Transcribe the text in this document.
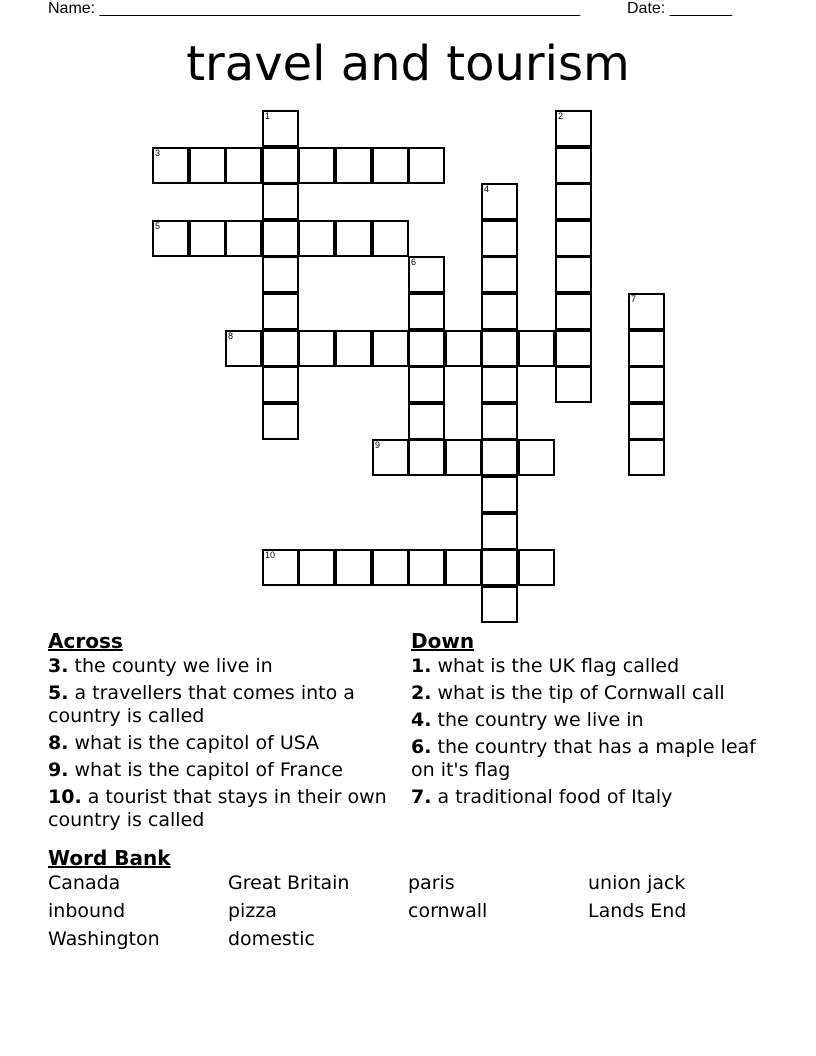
Name: ______________________________________________________	Date: _______
travel and tourism
1	2
3
4
5
6
7
8
9
10
Across
3. the county we live in
5. a travellers that comes into a country is called
8. what is the capitol of USA
9. what is the capitol of France
10. a tourist that stays in their own country is called
Down
1. what is the UK flag called
2. what is the tip of Cornwall call
4. the country we live in
6. the country that has a maple leaf on it's flag
7. a traditional food of Italy
Word Bank
Canada	Great Britain	paris	union jack
inbound	pizza	cornwall	Lands End
Washington	domestic
